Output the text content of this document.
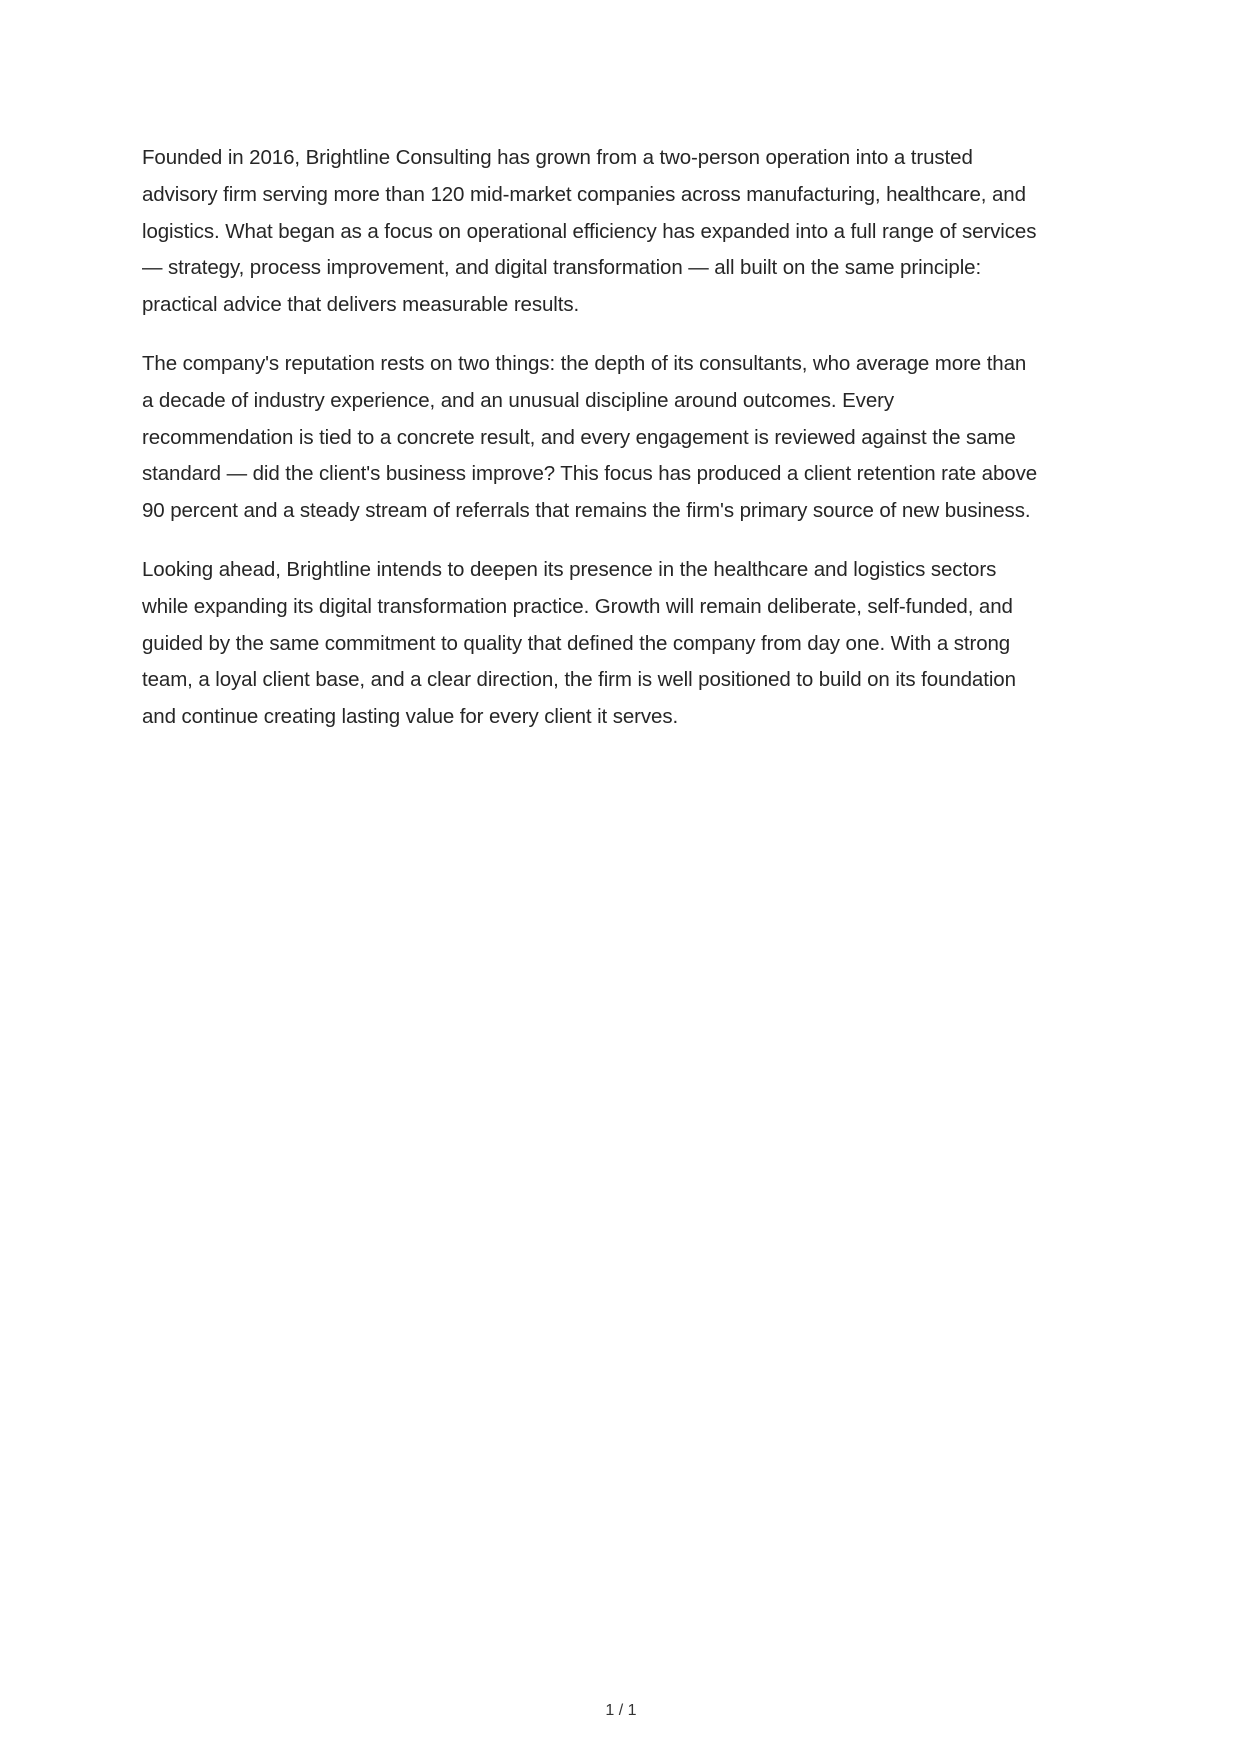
Founded in 2016, Brightline Consulting has grown from a two-person operation into a trusted advisory firm serving more than 120 mid-market companies across manufacturing, healthcare, and logistics. What began as a focus on operational efficiency has expanded into a full range of services — strategy, process improvement, and digital transformation — all built on the same principle: practical advice that delivers measurable results.

The company's reputation rests on two things: the depth of its consultants, who average more than a decade of industry experience, and an unusual discipline around outcomes. Every recommendation is tied to a concrete result, and every engagement is reviewed against the same standard — did the client's business improve? This focus has produced a client retention rate above 90 percent and a steady stream of referrals that remains the firm's primary source of new business.

Looking ahead, Brightline intends to deepen its presence in the healthcare and logistics sectors while expanding its digital transformation practice. Growth will remain deliberate, self-funded, and guided by the same commitment to quality that defined the company from day one. With a strong team, a loyal client base, and a clear direction, the firm is well positioned to build on its foundation and continue creating lasting value for every client it serves.

1 / 1
